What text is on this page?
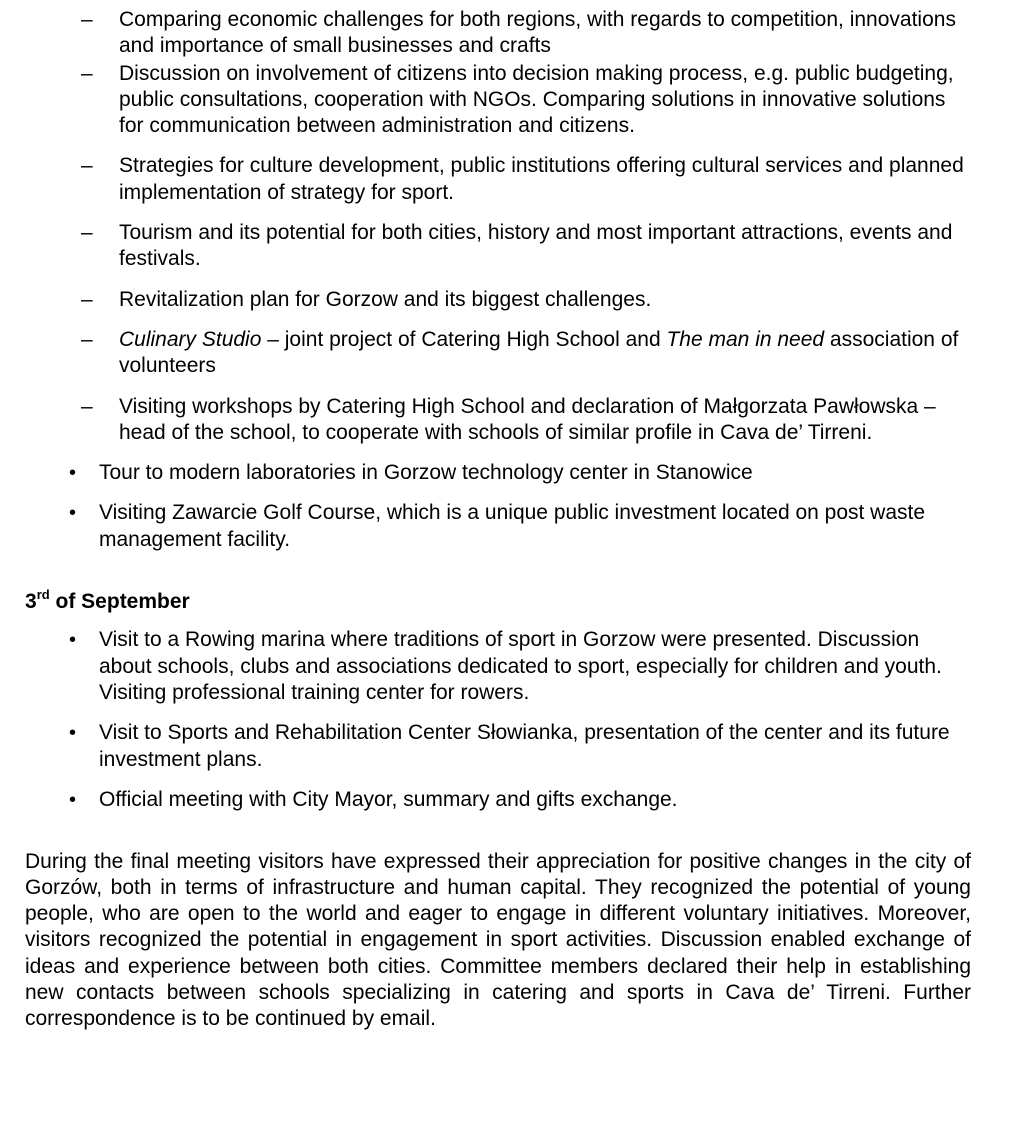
– Comparing economic challenges for both regions, with regards to competition, innovations and importance of small businesses and crafts
– Discussion on involvement of citizens into decision making process, e.g. public budgeting, public consultations, cooperation with NGOs. Comparing solutions in innovative solutions for communication between administration and citizens.
– Strategies for culture development, public institutions offering cultural services and planned implementation of strategy for sport.
– Tourism and its potential for both cities, history and most important attractions, events and festivals.
– Revitalization plan for Gorzow and its biggest challenges.
– Culinary Studio – joint project of Catering High School and The man in need association of volunteers
– Visiting workshops by Catering High School and declaration of Małgorzata Pawłowska – head of the school, to cooperate with schools of similar profile in Cava de’ Tirreni.
• Tour to modern laboratories in Gorzow technology center in Stanowice
• Visiting Zawarcie Golf Course, which is a unique public investment located on post waste management facility.
3rd of September
• Visit to a Rowing marina where traditions of sport in Gorzow were presented. Discussion about schools, clubs and associations dedicated to sport, especially for children and youth. Visiting professional training center for rowers.
• Visit to Sports and Rehabilitation Center Słowianka, presentation of the center and its future investment plans.
• Official meeting with City Mayor, summary and gifts exchange.

During the final meeting visitors have expressed their appreciation for positive changes in the city of Gorzów, both in terms of infrastructure and human capital. They recognized the potential of young people, who are open to the world and eager to engage in different voluntary initiatives. Moreover, visitors recognized the potential in engagement in sport activities. Discussion enabled exchange of ideas and experience between both cities. Committee members declared their help in establishing new contacts between schools specializing in catering and sports in Cava de’ Tirreni. Further correspondence is to be continued by email.
